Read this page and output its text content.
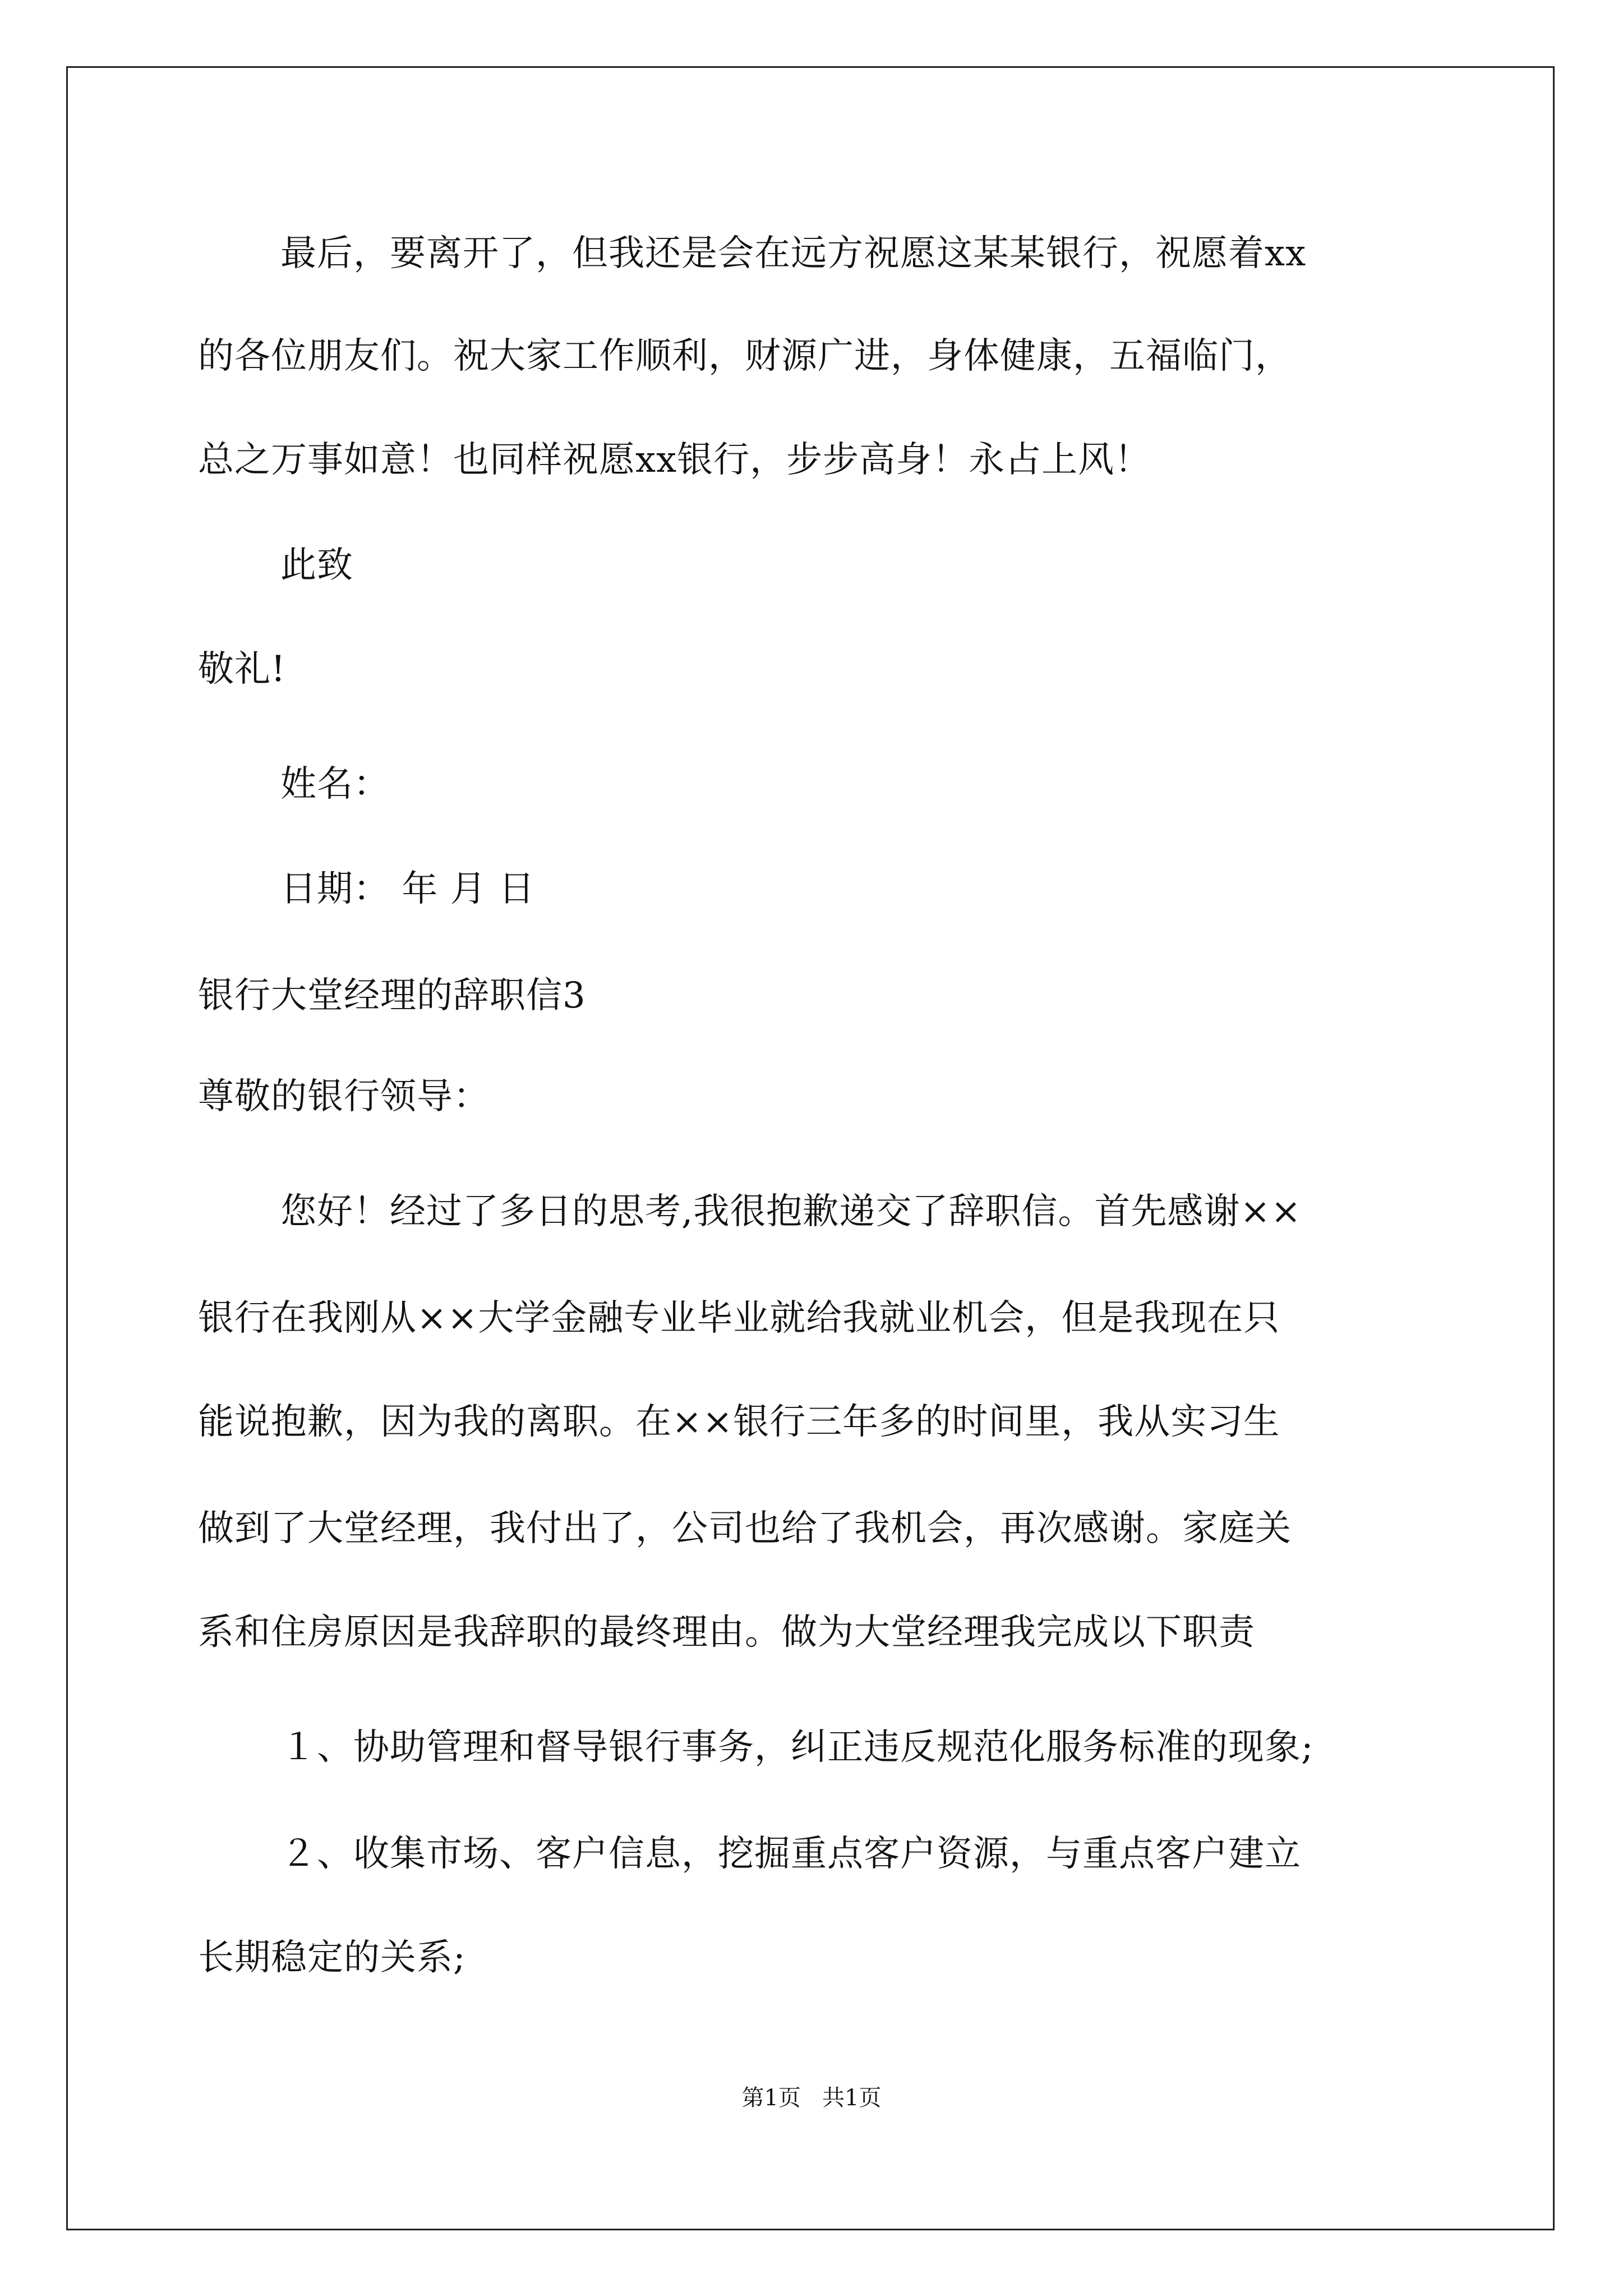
最后，要离开了，但我还是会在远方祝愿这某某银行，祝愿着xx
的各位朋友们。祝大家工作顺利，财源广进，身体健康，五福临门，
总之万事如意！也同样祝愿xx银行，步步高身！永占上风！
此致
敬礼!
姓名：
日期： 年 月 日
银行大堂经理的辞职信3
尊敬的银行领导：
您好！经过了多日的思考,我很抱歉递交了辞职信。首先感谢××
银行在我刚从××大学金融专业毕业就给我就业机会，但是我现在只
能说抱歉，因为我的离职。在××银行三年多的时间里，我从实习生
做到了大堂经理，我付出了，公司也给了我机会，再次感谢。家庭关
系和住房原因是我辞职的最终理由。做为大堂经理我完成以下职责
１、协助管理和督导银行事务，纠正违反规范化服务标准的现象;
２、收集市场、客户信息，挖掘重点客户资源，与重点客户建立
长期稳定的关系;
第1页   共1页
